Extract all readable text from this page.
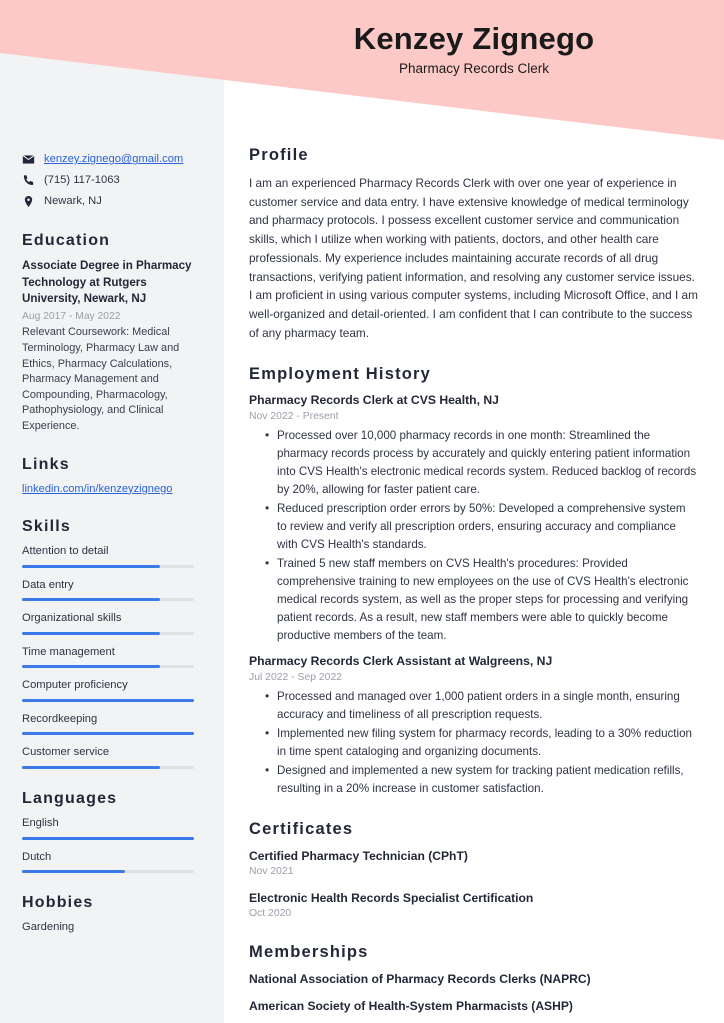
Kenzey Zignego
Pharmacy Records Clerk
kenzey.zignego@gmail.com
(715) 117-1063
Newark, NJ
Education
Associate Degree in Pharmacy Technology at Rutgers University, Newark, NJ
Aug 2017 - May 2022
Relevant Coursework: Medical Terminology, Pharmacy Law and Ethics, Pharmacy Calculations, Pharmacy Management and Compounding, Pharmacology, Pathophysiology, and Clinical Experience.
Links
linkedin.com/in/kenzeyzignego
Skills
Attention to detail
Data entry
Organizational skills
Time management
Computer proficiency
Recordkeeping
Customer service
Languages
English
Dutch
Hobbies
Gardening
Profile
I am an experienced Pharmacy Records Clerk with over one year of experience in customer service and data entry. I have extensive knowledge of medical terminology and pharmacy protocols. I possess excellent customer service and communication skills, which I utilize when working with patients, doctors, and other health care professionals. My experience includes maintaining accurate records of all drug transactions, verifying patient information, and resolving any customer service issues. I am proficient in using various computer systems, including Microsoft Office, and I am well-organized and detail-oriented. I am confident that I can contribute to the success of any pharmacy team.
Employment History
Pharmacy Records Clerk at CVS Health, NJ
Nov 2022 - Present
• Processed over 10,000 pharmacy records in one month: Streamlined the pharmacy records process by accurately and quickly entering patient information into CVS Health's electronic medical records system. Reduced backlog of records by 20%, allowing for faster patient care.
• Reduced prescription order errors by 50%: Developed a comprehensive system to review and verify all prescription orders, ensuring accuracy and compliance with CVS Health's standards.
• Trained 5 new staff members on CVS Health's procedures: Provided comprehensive training to new employees on the use of CVS Health's electronic medical records system, as well as the proper steps for processing and verifying patient records. As a result, new staff members were able to quickly become productive members of the team.
Pharmacy Records Clerk Assistant at Walgreens, NJ
Jul 2022 - Sep 2022
• Processed and managed over 1,000 patient orders in a single month, ensuring accuracy and timeliness of all prescription requests.
• Implemented new filing system for pharmacy records, leading to a 30% reduction in time spent cataloging and organizing documents.
• Designed and implemented a new system for tracking patient medication refills, resulting in a 20% increase in customer satisfaction.
Certificates
Certified Pharmacy Technician (CPhT)
Nov 2021
Electronic Health Records Specialist Certification
Oct 2020
Memberships
National Association of Pharmacy Records Clerks (NAPRC)
American Society of Health-System Pharmacists (ASHP)
